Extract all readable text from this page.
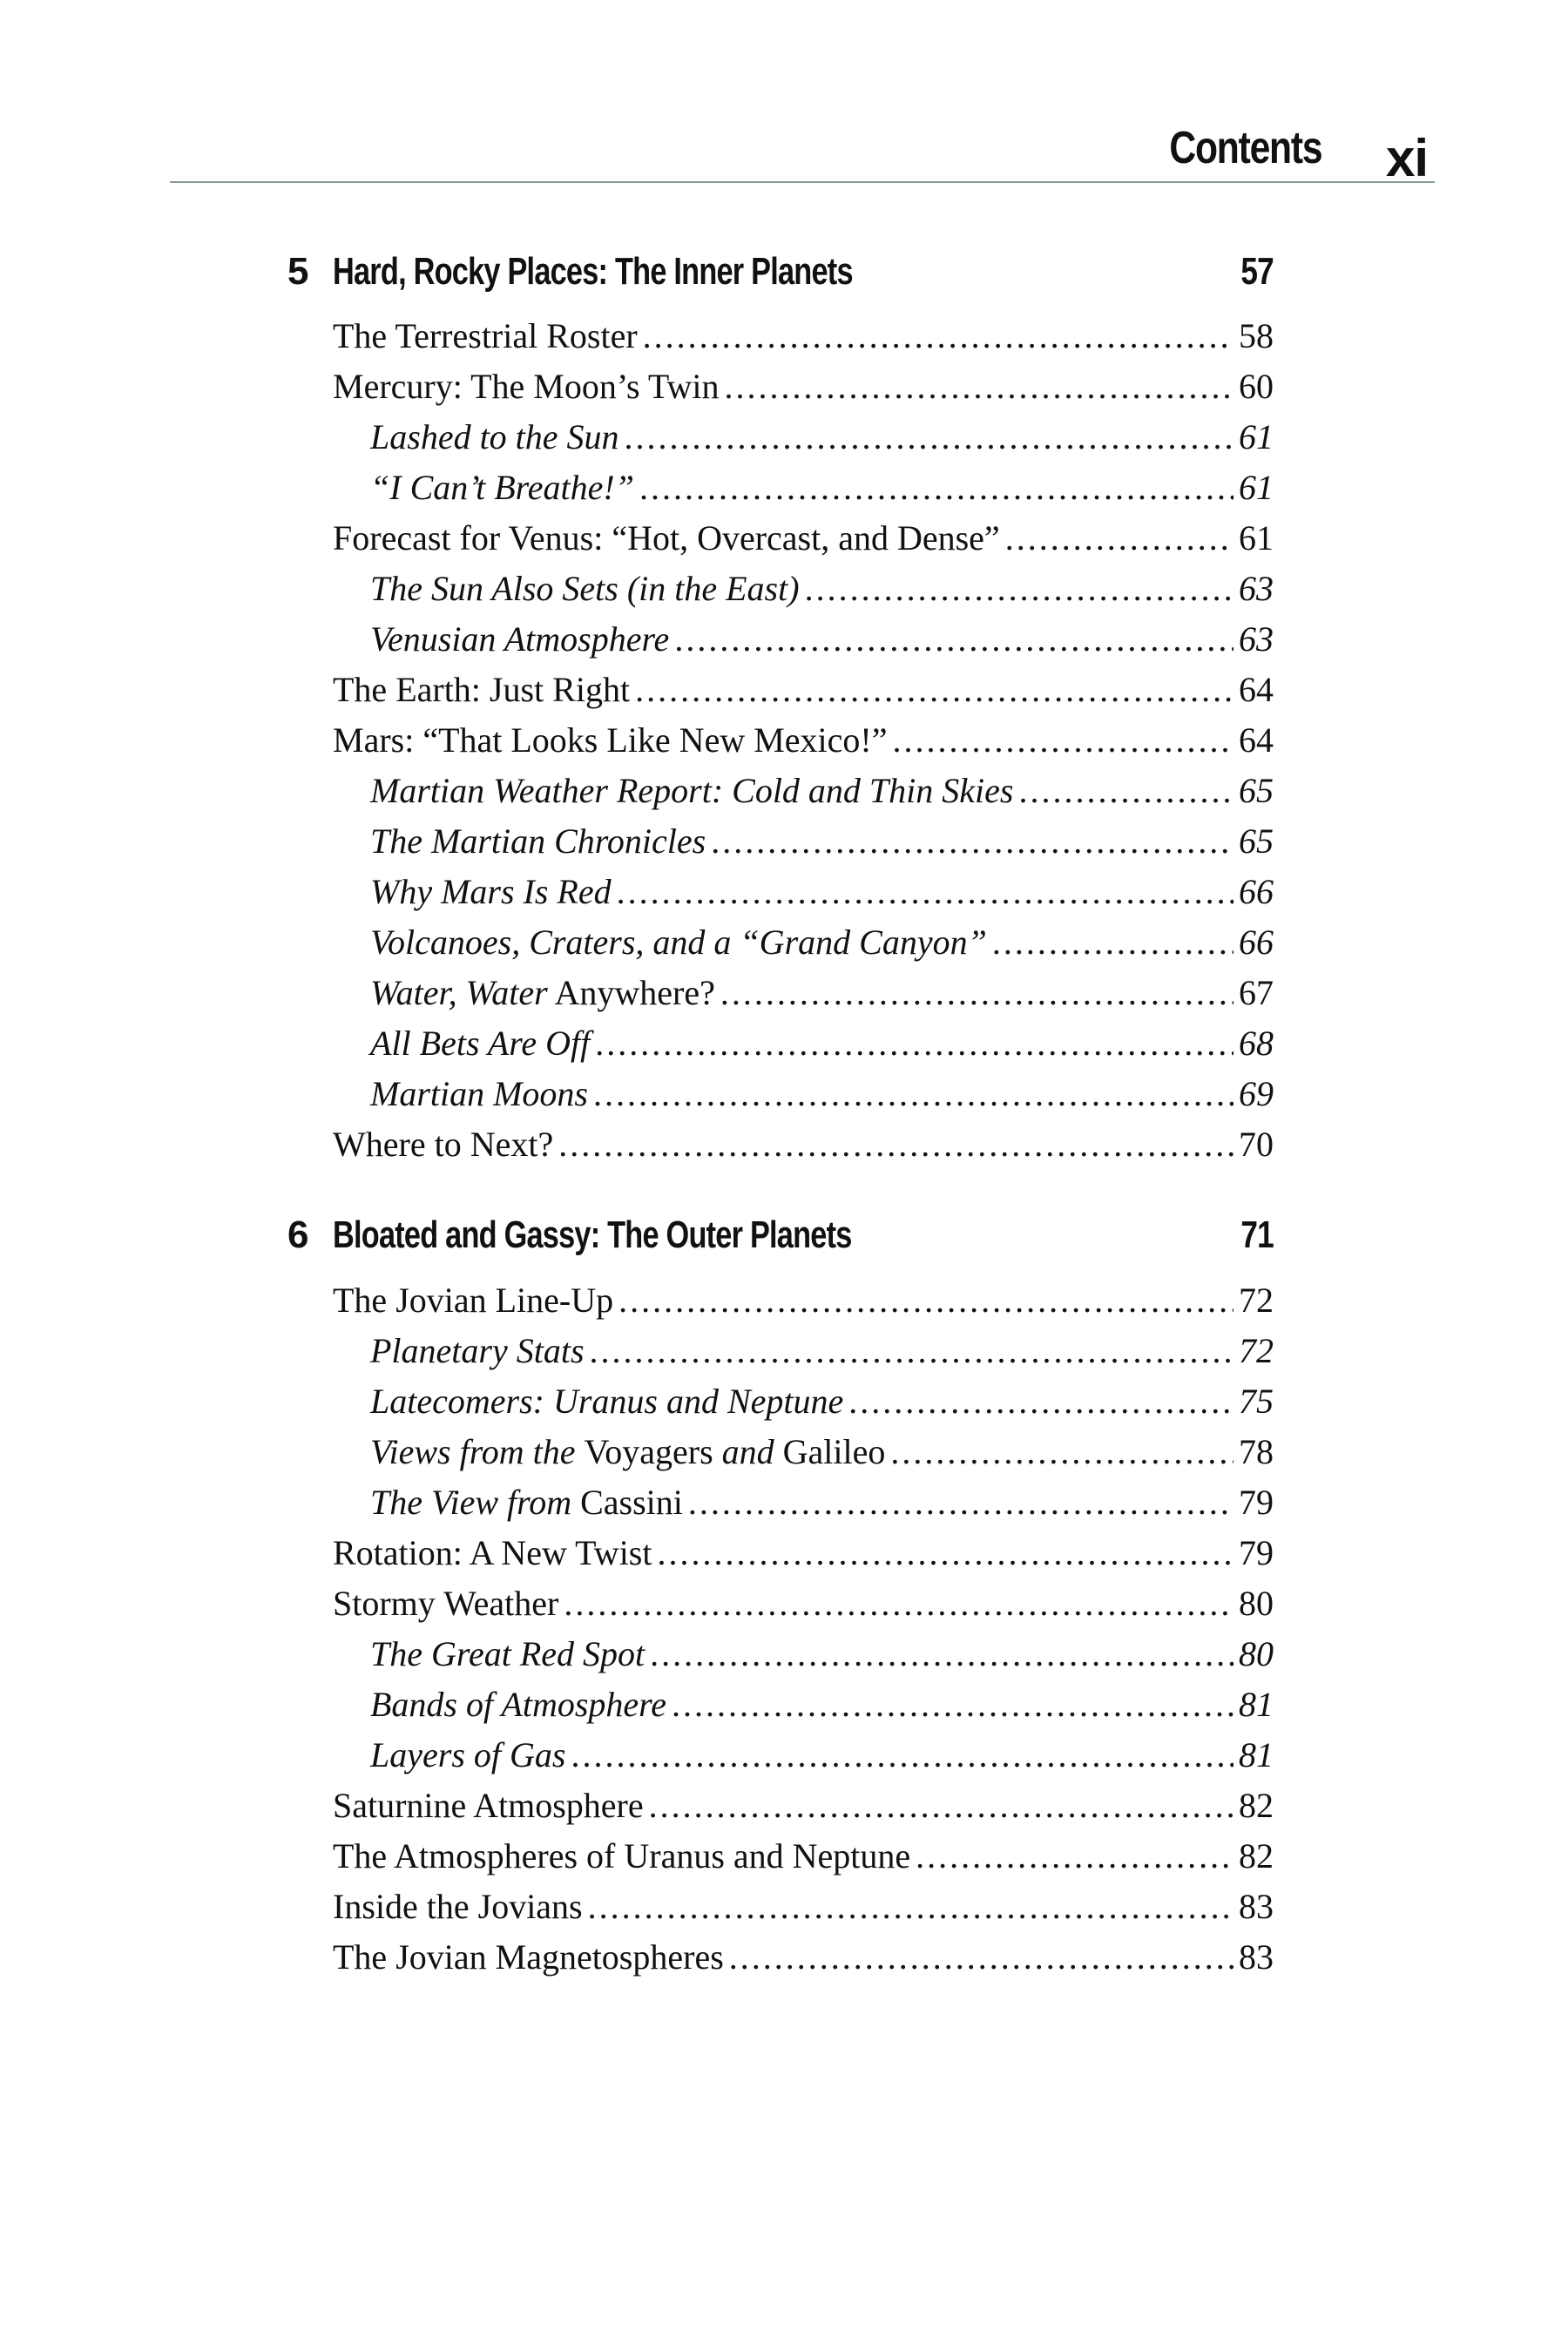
Contents xi
5 Hard, Rocky Places: The Inner Planets	57
The Terrestrial Roster .....	58
Mercury: The Moon’s Twin .....	60
Lashed to the Sun .....	61
“I Can’t Breathe!” .....	61
Forecast for Venus: “Hot, Overcast, and Dense” .....	61
The Sun Also Sets (in the East) .....	63
Venusian Atmosphere .....	63
The Earth: Just Right .....	64
Mars: “That Looks Like New Mexico!” .....	64
Martian Weather Report: Cold and Thin Skies .....	65
The Martian Chronicles .....	65
Why Mars Is Red .....	66
Volcanoes, Craters, and a “Grand Canyon” .....	66
Water, Water Anywhere? .....	67
All Bets Are Off .....	68
Martian Moons .....	69
Where to Next? .....	70
6 Bloated and Gassy: The Outer Planets	71
The Jovian Line-Up .....	72
Planetary Stats .....	72
Latecomers: Uranus and Neptune .....	75
Views from the Voyagers and Galileo .....	78
The View from Cassini .....	79
Rotation: A New Twist .....	79
Stormy Weather .....	80
The Great Red Spot .....	80
Bands of Atmosphere .....	81
Layers of Gas .....	81
Saturnine Atmosphere .....	82
The Atmospheres of Uranus and Neptune .....	82
Inside the Jovians .....	83
The Jovian Magnetospheres .....	83
